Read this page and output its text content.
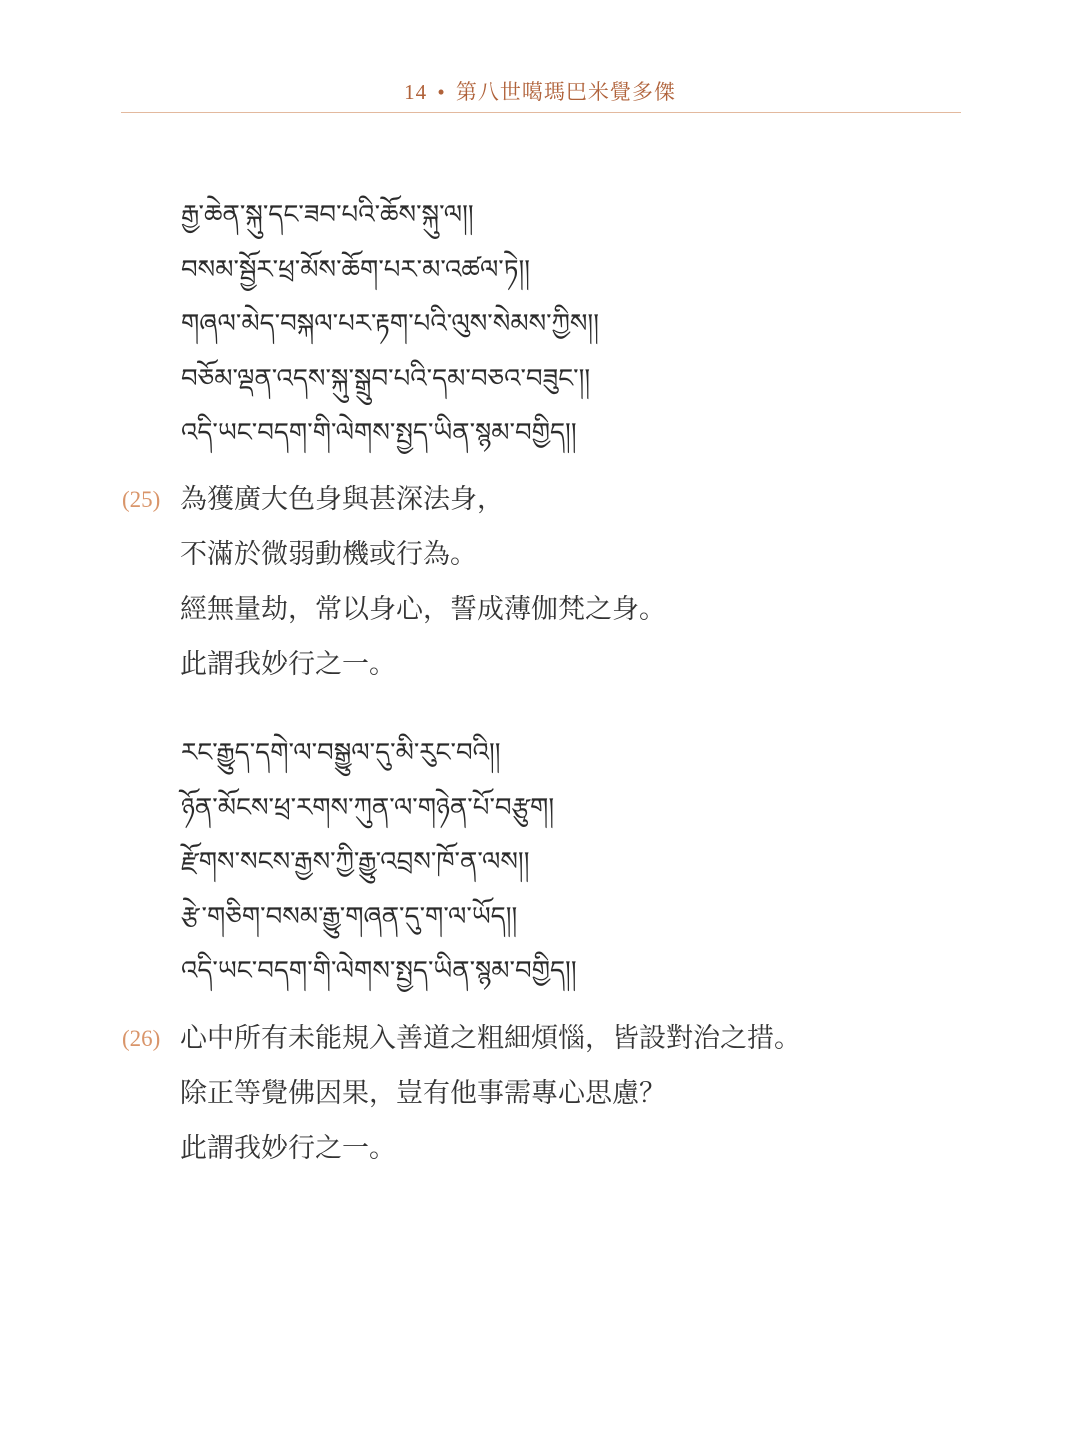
14 • 第八世噶瑪巴米覺多傑
རྒྱ་ཆེན་སྐུ་དང་ཟབ་པའི་ཆོས་སྐུ་ལ།།
བསམ་སྦྱོར་ཕྲ་མོས་ཆོག་པར་མ་འཚལ་ཏེ།།
གཞལ་མེད་བསྐལ་པར་རྟག་པའི་ལུས་སེམས་ཀྱིས།།
བཅོམ་ལྡན་འདས་སྐུ་སྒྲུབ་པའི་དམ་བཅའ་བཟུང་།།
འདི་ཡང་བདག་གི་ལེགས་སྤྱད་ཡིན་སྙམ་བགྱིད།།
(25) 為獲廣大色身與甚深法身，
不滿於微弱動機或行為。
經無量劫，常以身心，誓成薄伽梵之身。
此謂我妙行之一。
རང་རྒྱུད་དགེ་ལ་བསྒྱུལ་དུ་མི་རུང་བའི།།
ཉོན་མོངས་ཕྲ་རགས་ཀུན་ལ་གཉེན་པོ་བརྩུག།
རྫོགས་སངས་རྒྱས་ཀྱི་རྒྱུ་འབྲས་ཁོ་ན་ལས།།
རྩེ་གཅིག་བསམ་རྒྱུ་གཞན་དུ་ག་ལ་ཡོད།།
འདི་ཡང་བདག་གི་ལེགས་སྤྱད་ཡིན་སྙམ་བགྱིད།།
(26) 心中所有未能規入善道之粗細煩惱，皆設對治之措。
除正等覺佛因果，豈有他事需專心思慮？
此謂我妙行之一。
